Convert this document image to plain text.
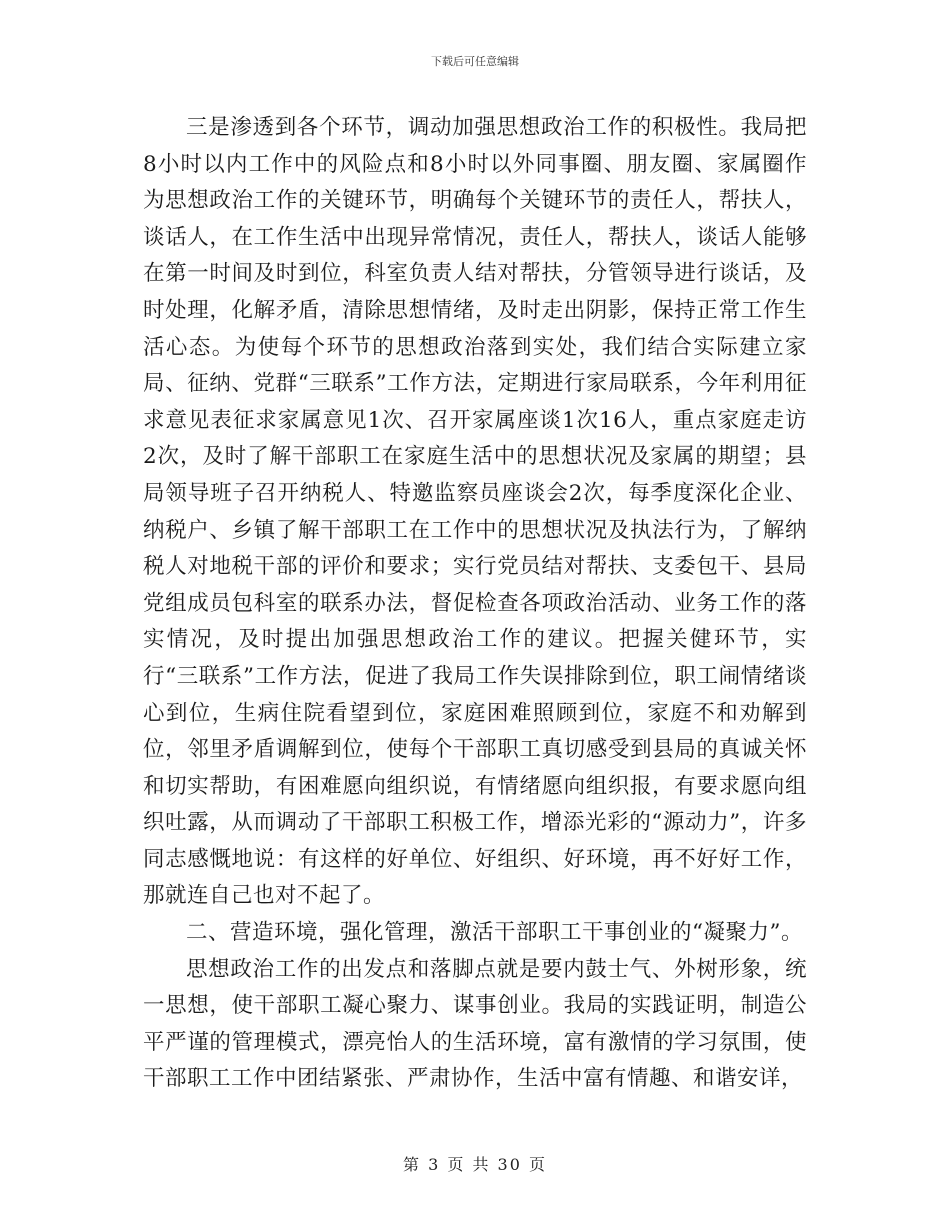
下载后可任意编辑

三是渗透到各个环节，调动加强思想政治工作的积极性。我局把8小时以内工作中的风险点和8小时以外同事圈、朋友圈、家属圈作为思想政治工作的关键环节，明确每个关键环节的责任人，帮扶人，谈话人，在工作生活中出现异常情况，责任人，帮扶人，谈话人能够在第一时间及时到位，科室负责人结对帮扶，分管领导进行谈话，及时处理，化解矛盾，清除思想情绪，及时走出阴影，保持正常工作生活心态。为使每个环节的思想政治落到实处，我们结合实际建立家局、征纳、党群“三联系”工作方法，定期进行家局联系，今年利用征求意见表征求家属意见1次、召开家属座谈1次16人，重点家庭走访2次，及时了解干部职工在家庭生活中的思想状况及家属的期望；县局领导班子召开纳税人、特邀监察员座谈会2次，每季度深化企业、纳税户、乡镇了解干部职工在工作中的思想状况及执法行为，了解纳税人对地税干部的评价和要求；实行党员结对帮扶、支委包干、县局党组成员包科室的联系办法，督促检查各项政治活动、业务工作的落实情况，及时提出加强思想政治工作的建议。把握关健环节，实行“三联系”工作方法，促进了我局工作失误排除到位，职工闹情绪谈心到位，生病住院看望到位，家庭困难照顾到位，家庭不和劝解到位，邻里矛盾调解到位，使每个干部职工真切感受到县局的真诚关怀和切实帮助，有困难愿向组织说，有情绪愿向组织报，有要求愿向组织吐露，从而调动了干部职工积极工作，增添光彩的“源动力”，许多同志感慨地说：有这样的好单位、好组织、好环境，再不好好工作，那就连自己也对不起了。

二、营造环境，强化管理，激活干部职工干事创业的“凝聚力”。

思想政治工作的出发点和落脚点就是要内鼓士气、外树形象，统一思想，使干部职工凝心聚力、谋事创业。我局的实践证明，制造公平严谨的管理模式，漂亮怡人的生活环境，富有激情的学习氛围，使干部职工工作中团结紧张、严肃协作，生活中富有情趣、和谐安详，

第 3 页 共 30 页
